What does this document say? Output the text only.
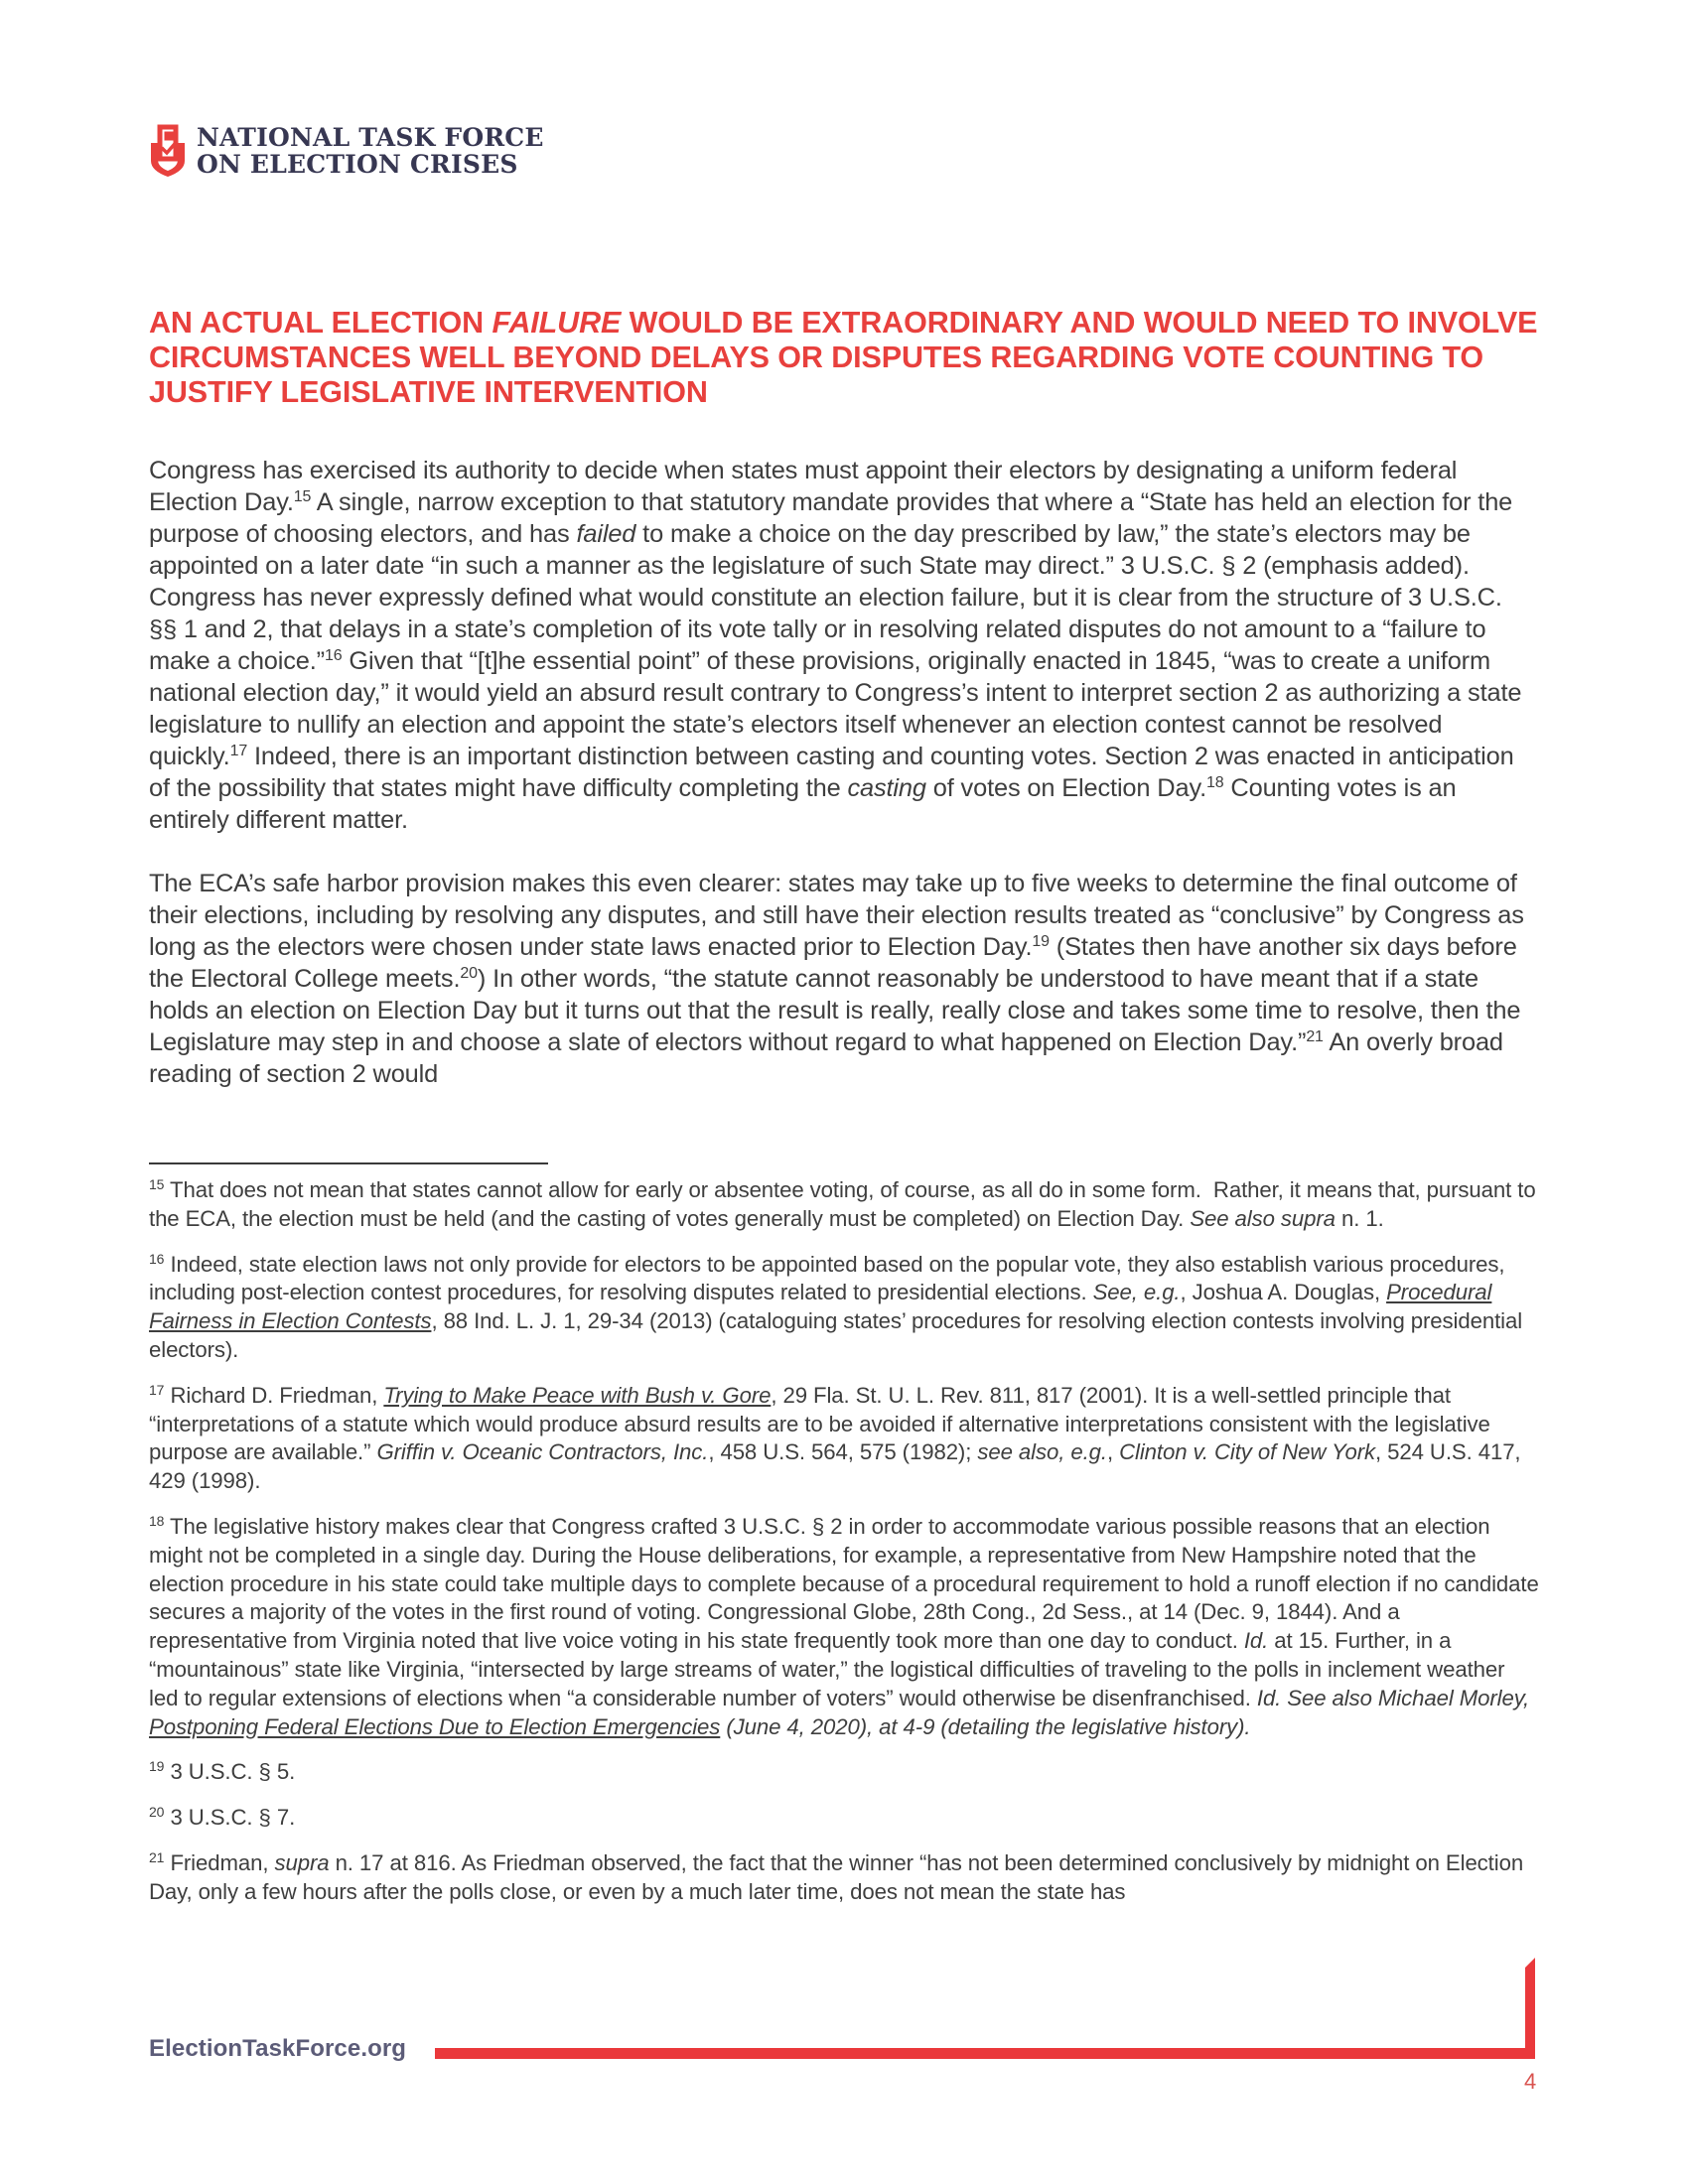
NATIONAL TASK FORCE
ON ELECTION CRISES
AN ACTUAL ELECTION FAILURE WOULD BE EXTRAORDINARY AND WOULD NEED TO INVOLVE CIRCUMSTANCES WELL BEYOND DELAYS OR DISPUTES REGARDING VOTE COUNTING TO JUSTIFY LEGISLATIVE INTERVENTION

Congress has exercised its authority to decide when states must appoint their electors by designating a uniform federal Election Day.$^{15}$ A single, narrow exception to that statutory mandate provides that where a “State has held an election for the purpose of choosing electors, and has failed to make a choice on the day prescribed by law,” the state’s electors may be appointed on a later date “in such a manner as the legislature of such State may direct.” 3 U.S.C. § 2 (emphasis added). Congress has never expressly defined what would constitute an election failure, but it is clear from the structure of 3 U.S.C. §§ 1 and 2, that delays in a state’s completion of its vote tally or in resolving related disputes do not amount to a “failure to make a choice.”$^{16}$ Given that “[t]he essential point” of these provisions, originally enacted in 1845, “was to create a uniform national election day,” it would yield an absurd result contrary to Congress’s intent to interpret section 2 as authorizing a state legislature to nullify an election and appoint the state’s electors itself whenever an election contest cannot be resolved quickly.$^{17}$ Indeed, there is an important distinction between casting and counting votes. Section 2 was enacted in anticipation of the possibility that states might have difficulty completing the casting of votes on Election Day.$^{18}$ Counting votes is an entirely different matter.

The ECA’s safe harbor provision makes this even clearer: states may take up to five weeks to determine the final outcome of their elections, including by resolving any disputes, and still have their election results treated as “conclusive” by Congress as long as the electors were chosen under state laws enacted prior to Election Day.$^{19}$ (States then have another six days before the Electoral College meets.$^{20}$) In other words, “the statute cannot reasonably be understood to have meant that if a state holds an election on Election Day but it turns out that the result is really, really close and takes some time to resolve, then the Legislature may step in and choose a slate of electors without regard to what happened on Election Day.”$^{21}$ An overly broad reading of section 2 would

$^{15}$ That does not mean that states cannot allow for early or absentee voting, of course, as all do in some form.  Rather, it means that, pursuant to the ECA, the election must be held (and the casting of votes generally must be completed) on Election Day. See also supra n. 1.
$^{16}$ Indeed, state election laws not only provide for electors to be appointed based on the popular vote, they also establish various procedures, including post-election contest procedures, for resolving disputes related to presidential elections. See, e.g., Joshua A. Douglas, Procedural Fairness in Election Contests, 88 Ind. L. J. 1, 29-34 (2013) (cataloguing states’ procedures for resolving election contests involving presidential electors).
$^{17}$ Richard D. Friedman, Trying to Make Peace with Bush v. Gore, 29 Fla. St. U. L. Rev. 811, 817 (2001). It is a well-settled principle that “interpretations of a statute which would produce absurd results are to be avoided if alternative interpretations consistent with the legislative purpose are available.” Griffin v. Oceanic Contractors, Inc., 458 U.S. 564, 575 (1982); see also, e.g., Clinton v. City of New York, 524 U.S. 417, 429 (1998).
$^{18}$ The legislative history makes clear that Congress crafted 3 U.S.C. § 2 in order to accommodate various possible reasons that an election might not be completed in a single day. During the House deliberations, for example, a representative from New Hampshire noted that the election procedure in his state could take multiple days to complete because of a procedural requirement to hold a runoff election if no candidate secures a majority of the votes in the first round of voting. Congressional Globe, 28th Cong., 2d Sess., at 14 (Dec. 9, 1844). And a representative from Virginia noted that live voice voting in his state frequently took more than one day to conduct. Id. at 15. Further, in a “mountainous” state like Virginia, “intersected by large streams of water,” the logistical difficulties of traveling to the polls in inclement weather led to regular extensions of elections when “a considerable number of voters” would otherwise be disenfranchised. Id. See also Michael Morley, Postponing Federal Elections Due to Election Emergencies (June 4, 2020), at 4-9 (detailing the legislative history).
$^{19}$ 3 U.S.C. § 5.
$^{20}$ 3 U.S.C. § 7.
$^{21}$ Friedman, supra n. 17 at 816. As Friedman observed, the fact that the winner “has not been determined conclusively by midnight on Election Day, only a few hours after the polls close, or even by a much later time, does not mean the state has
ElectionTaskForce.org
4
